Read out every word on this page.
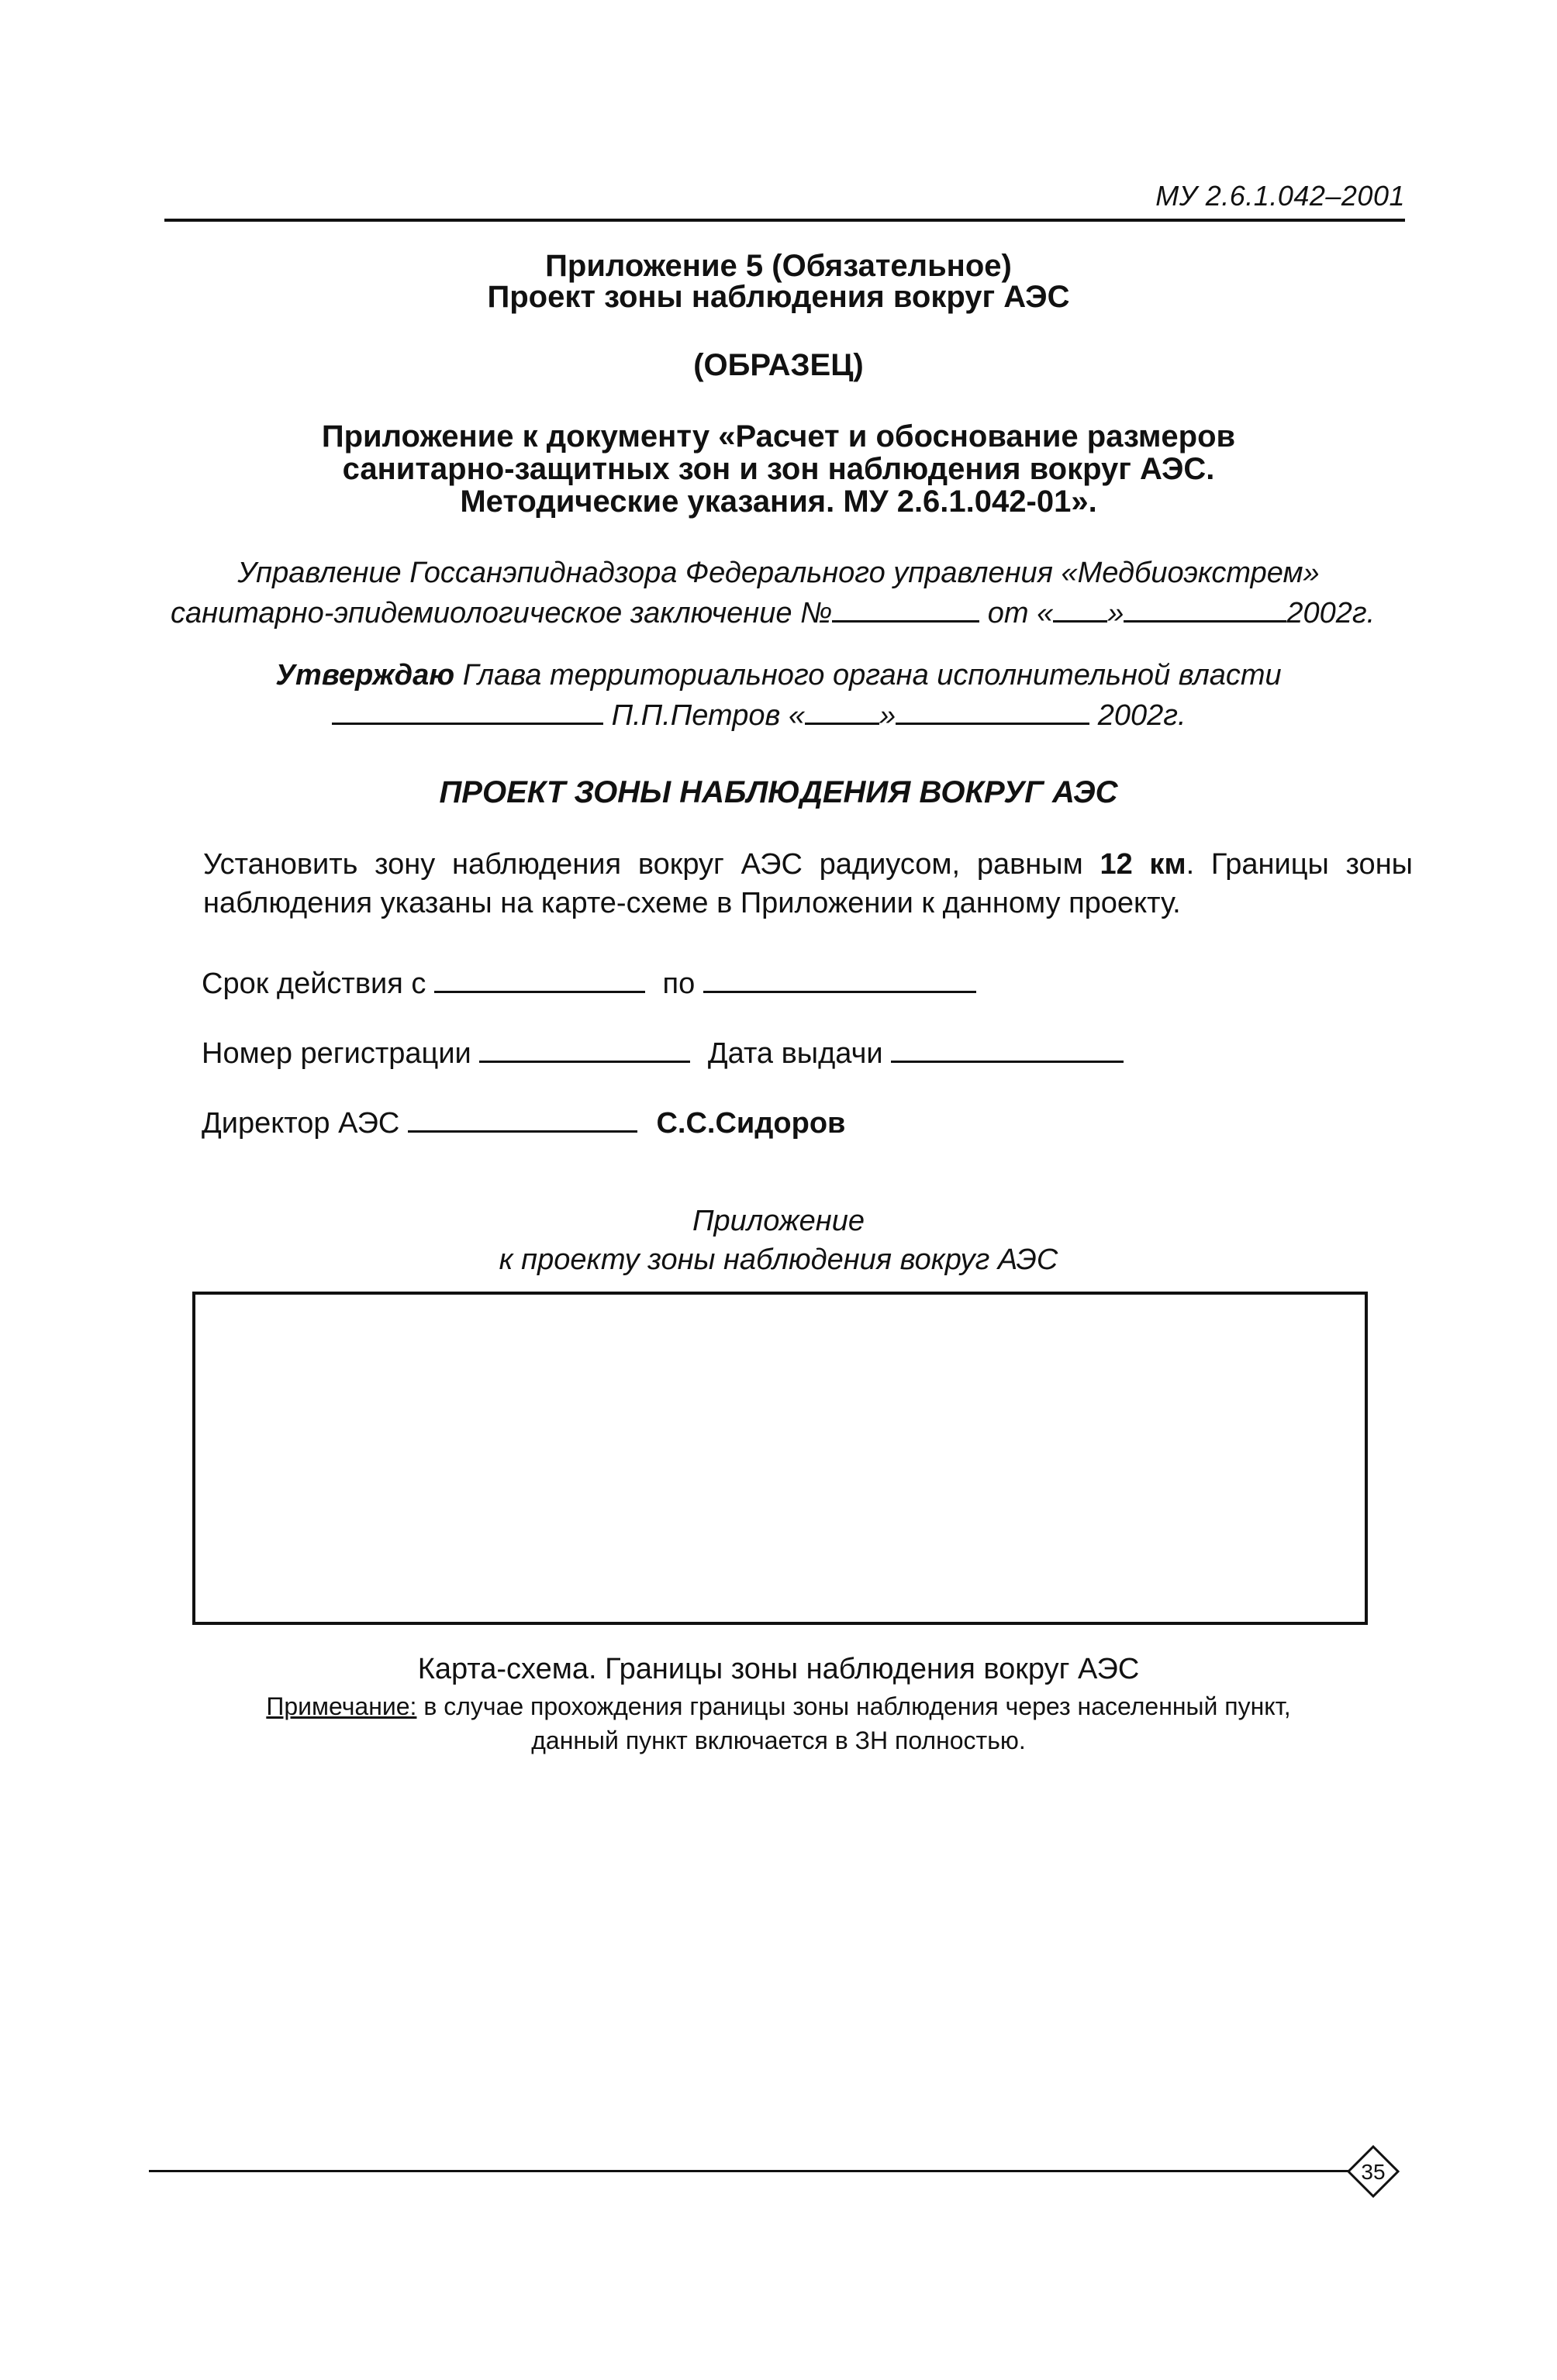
МУ 2.6.1.042–2001
Приложение 5 (Обязательное)
Проект зоны наблюдения вокруг АЭС
(ОБРАЗЕЦ)
Приложение к документу «Расчет и обоснование размеров
санитарно-защитных зон и зон наблюдения вокруг АЭС.
Методические указания. МУ 2.6.1.042-01».
Управление Госсанэпиднадзора Федерального управления «Медбиоэкстрем»
санитарно-эпидемиологическое заключение №	от « »	2002г.
Утверждаю Глава территориального органа исполнительной власти
П.П.Петров «	»	2002г.
ПРОЕКТ ЗОНЫ НАБЛЮДЕНИЯ ВОКРУГ АЭС
Установить зону наблюдения вокруг АЭС радиусом, равным 12 км. Границы зоны наблюдения указаны на карте-схеме в Приложении к данному проекту.
Срок действия с	по
Номер регистрации	Дата выдачи
Директор АЭС	С.С.Сидоров
Приложение
к проекту зоны наблюдения вокруг АЭС
Карта-схема. Границы зоны наблюдения вокруг АЭС
Примечание: в случае прохождения границы зоны наблюдения через населенный пункт,
данный пункт включается в ЗН полностью.
35
